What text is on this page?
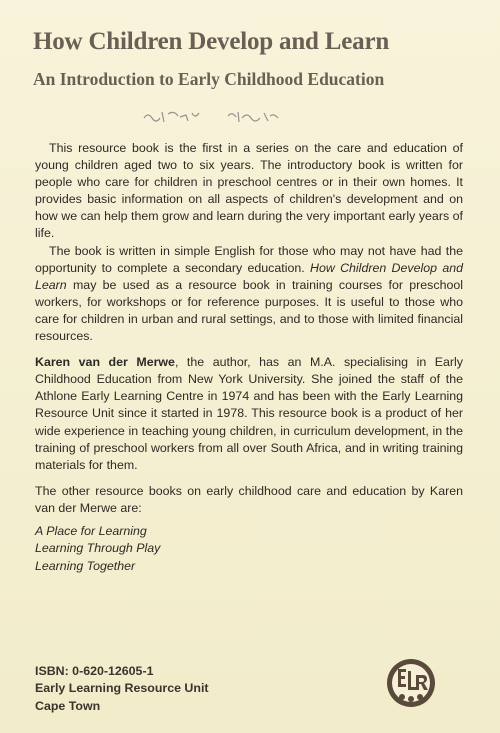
How Children Develop and Learn
An Introduction to Early Childhood Education

This resource book is the first in a series on the care and education of young children aged two to six years. The introductory book is written for people who care for children in preschool centres or in their own homes. It provides basic information on all aspects of children's development and on how we can help them grow and learn during the very important early years of life.

The book is written in simple English for those who may not have had the opportunity to complete a secondary education. How Children Develop and Learn may be used as a resource book in training courses for preschool workers, for workshops or for reference purposes. It is useful to those who care for children in urban and rural settings, and to those with limited financial resources.

Karen van der Merwe, the author, has an M.A. specialising in Early Childhood Education from New York University. She joined the staff of the Athlone Early Learning Centre in 1974 and has been with the Early Learning Resource Unit since it started in 1978. This resource book is a product of her wide experience in teaching young children, in curriculum development, in the training of preschool workers from all over South Africa, and in writing training materials for them.

The other resource books on early childhood care and education by Karen van der Merwe are:

A Place for Learning
Learning Through Play
Learning Together
ISBN: 0-620-12605-1
Early Learning Resource Unit
Cape Town
